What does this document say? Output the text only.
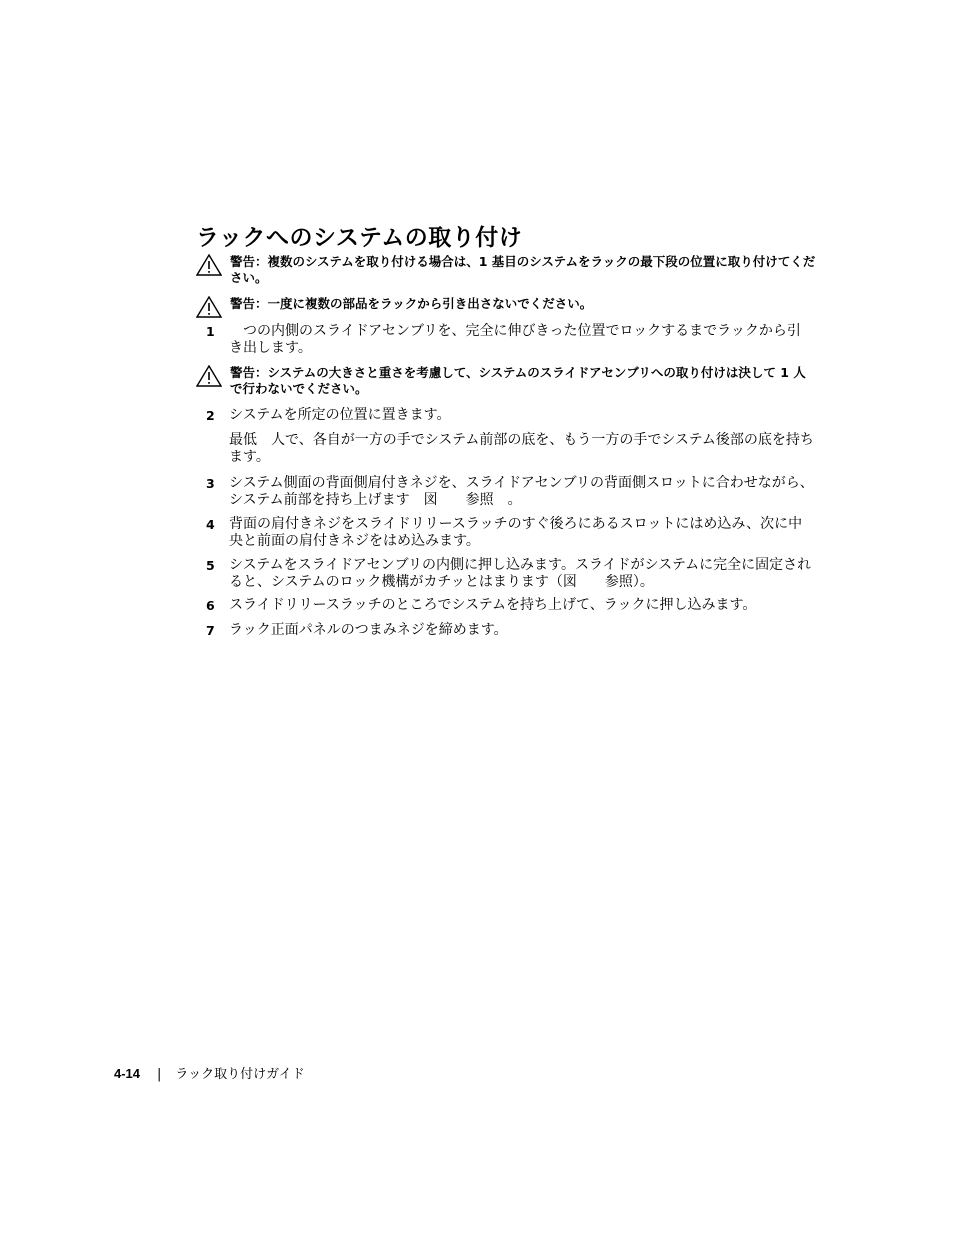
ラックへのシステムの取り付け
警告：複数のシステムを取り付ける場合は、1 基目のシステムをラックの最下段の位置に取り付けてください。
警告：一度に複数の部品をラックから引き出さないでください。
1 　つの内側のスライドアセンブリを、完全に伸びきった位置でロックするまでラックから引き出します。
警告：システムの大きさと重さを考慮して、システムのスライドアセンブリへの取り付けは決して 1 人で行わないでください。
2 システムを所定の位置に置きます。
最低　人で、各自が一方の手でシステム前部の底を、もう一方の手でシステム後部の底を持ちます。
3 システム側面の背面側肩付きネジを、スライドアセンブリの背面側スロットに合わせながら、システム前部を持ち上げます　図　　参照　。
4 背面の肩付きネジをスライドリリースラッチのすぐ後ろにあるスロットにはめ込み、次に中央と前面の肩付きネジをはめ込みます。
5 システムをスライドアセンブリの内側に押し込みます。スライドがシステムに完全に固定されると、システムのロック機構がカチッとはまります（図　　参照）。
6 スライドリリースラッチのところでシステムを持ち上げて、ラックに押し込みます。
7 ラック正面パネルのつまみネジを締めます。
4-14 | ラック取り付けガイド
